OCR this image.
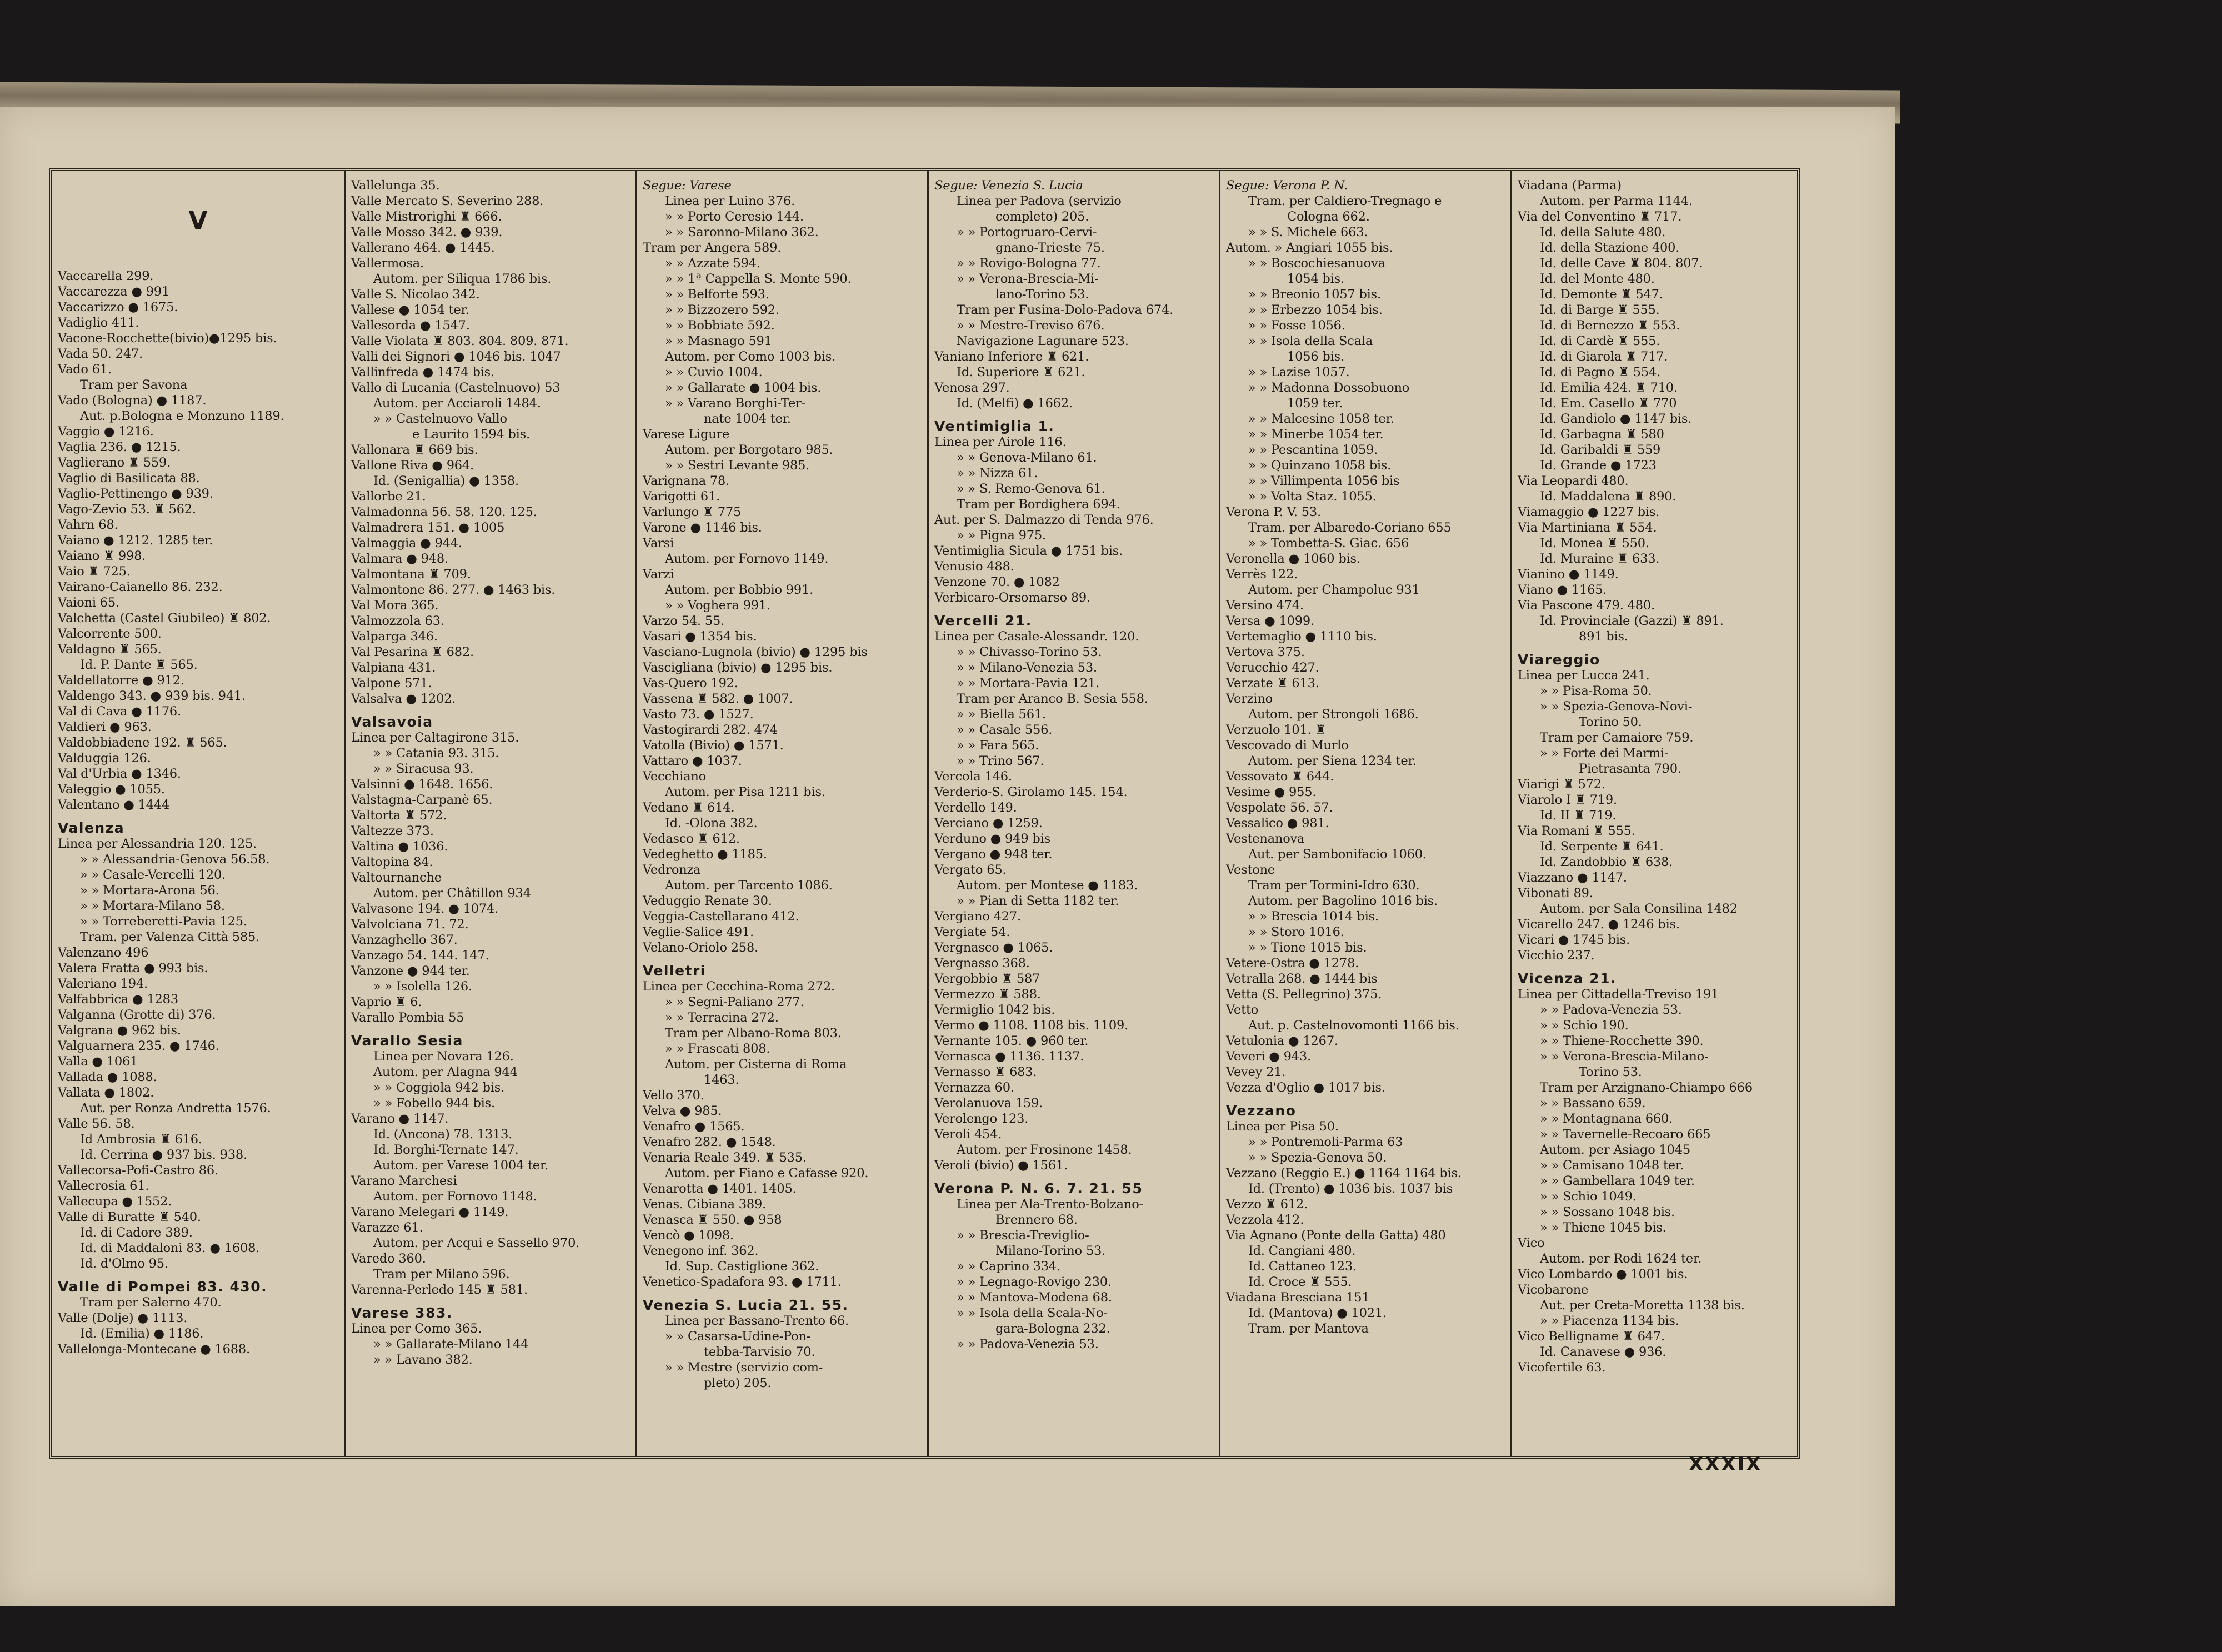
V
Vaccarella 299.
Vaccarezza ● 991
Vaccarizzo ● 1675.
Vadiglio 411.
Vacone-Rocchette(bivio)●1295 bis.
Vada 50. 247.
Vado 61.
Tram per Savona
Vado (Bologna) ● 1187.
Aut. p.Bologna e Monzuno 1189.
Vaggio ● 1216.
Vaglia 236. ● 1215.
Vaglierano ♜ 559.
Vaglio di Basilicata 88.
Vaglio-Pettinengo ● 939.
Vago-Zevio 53. ♜ 562.
Vahrn 68.
Vaiano ● 1212. 1285 ter.
Vaiano ♜ 998.
Vaio ♜ 725.
Vairano-Caianello 86. 232.
Vaioni 65.
Valchetta (Castel Giubileo) ♜ 802.
Valcorrente 500.
Valdagno ♜ 565.
Id. P. Dante ♜ 565.
Valdellatorre ● 912.
Valdengo 343. ● 939 bis. 941.
Val di Cava ● 1176.
Valdieri ● 963.
Valdobbiadene 192. ♜ 565.
Valduggia 126.
Val d'Urbia ● 1346.
Valeggio ● 1055.
Valentano ● 1444
Valenza
Linea per Alessandria 120. 125.
» » Alessandria-Genova 56.58.
» » Casale-Vercelli 120.
» » Mortara-Arona 56.
» » Mortara-Milano 58.
» » Torreberetti-Pavia 125.
Tram. per Valenza Città 585.
Valenzano 496
Valera Fratta ● 993 bis.
Valeriano 194.
Valfabbrica ● 1283
Valganna (Grotte di) 376.
Valgrana ● 962 bis.
Valguarnera 235. ● 1746.
Valla ● 1061
Vallada ● 1088.
Vallata ● 1802.
Aut. per Ronza Andretta 1576.
Valle 56. 58.
Id Ambrosia ♜ 616.
Id. Cerrina ● 937 bis. 938.
Vallecorsa-Pofi-Castro 86.
Vallecrosia 61.
Vallecupa ● 1552.
Valle di Buratte ♜ 540.
Id. di Cadore 389.
Id. di Maddaloni 83. ● 1608.
Id. d'Olmo 95.
Valle di Pompei 83. 430.
Tram per Salerno 470.
Valle (Dolje) ● 1113.
Id. (Emilia) ● 1186.
Vallelonga-Montecane ● 1688.
Vallelunga 35.
Valle Mercato S. Severino 288.
Valle Mistrorighi ♜ 666.
Valle Mosso 342. ● 939.
Vallerano 464. ● 1445.
Vallermosa.
Autom. per Siliqua 1786 bis.
Valle S. Nicolao 342.
Vallese ● 1054 ter.
Vallesorda ● 1547.
Valle Violata ♜ 803. 804. 809. 871.
Valli dei Signori ● 1046 bis. 1047
Vallinfreda ● 1474 bis.
Vallo di Lucania (Castelnuovo) 53
Autom. per Acciaroli 1484.
» » Castelnuovo Vallo
e Laurito 1594 bis.
Vallonara ♜ 669 bis.
Vallone Riva ● 964.
Id. (Senigallia) ● 1358.
Vallorbe 21.
Valmadonna 56. 58. 120. 125.
Valmadrera 151. ● 1005
Valmaggia ● 944.
Valmara ● 948.
Valmontana ♜ 709.
Valmontone 86. 277. ● 1463 bis.
Val Mora 365.
Valmozzola 63.
Valparga 346.
Val Pesarina ♜ 682.
Valpiana 431.
Valpone 571.
Valsalva ● 1202.
Valsavoia
Linea per Caltagirone 315.
» » Catania 93. 315.
» » Siracusa 93.
Valsinni ● 1648. 1656.
Valstagna-Carpanè 65.
Valtorta ♜ 572.
Valtezze 373.
Valtina ● 1036.
Valtopina 84.
Valtournanche
Autom. per Châtillon 934
Valvasone 194. ● 1074.
Valvolciana 71. 72.
Vanzaghello 367.
Vanzago 54. 144. 147.
Vanzone ● 944 ter.
» » Isolella 126.
Vaprio ♜ 6.
Varallo Pombia 55
Varallo Sesia
Linea per Novara 126.
Autom. per Alagna 944
» » Coggiola 942 bis.
» » Fobello 944 bis.
Varano ● 1147.
Id. (Ancona) 78. 1313.
Id. Borghi-Ternate 147.
Autom. per Varese 1004 ter.
Varano Marchesi
Autom. per Fornovo 1148.
Varano Melegari ● 1149.
Varazze 61.
Autom. per Acqui e Sassello 970.
Varedo 360.
Tram per Milano 596.
Varenna-Perledo 145 ♜ 581.
Varese 383.
Linea per Como 365.
» » Gallarate-Milano 144
» » Lavano 382.
Segue: Varese
Linea per Luino 376.
» » Porto Ceresio 144.
» » Saronno-Milano 362.
Tram per Angera 589.
» » Azzate 594.
» » 1ª Cappella S. Monte 590.
» » Belforte 593.
» » Bizzozero 592.
» » Bobbiate 592.
» » Masnago 591
Autom. per Como 1003 bis.
» » Cuvio 1004.
» » Gallarate ● 1004 bis.
» » Varano Borghi-Ter-
nate 1004 ter.
Varese Ligure
Autom. per Borgotaro 985.
» » Sestri Levante 985.
Varignana 78.
Varigotti 61.
Varlungo ♜ 775
Varone ● 1146 bis.
Varsi
Autom. per Fornovo 1149.
Varzi
Autom. per Bobbio 991.
» » Voghera 991.
Varzo 54. 55.
Vasari ● 1354 bis.
Vasciano-Lugnola (bivio) ● 1295 bis
Vascigliana (bivio) ● 1295 bis.
Vas-Quero 192.
Vassena ♜ 582. ● 1007.
Vasto 73. ● 1527.
Vastogirardi 282. 474
Vatolla (Bivio) ● 1571.
Vattaro ● 1037.
Vecchiano
Autom. per Pisa 1211 bis.
Vedano ♜ 614.
Id. -Olona 382.
Vedasco ♜ 612.
Vedeghetto ● 1185.
Vedronza
Autom. per Tarcento 1086.
Veduggio Renate 30.
Veggia-Castellarano 412.
Veglie-Salice 491.
Velano-Oriolo 258.
Velletri
Linea per Cecchina-Roma 272.
» » Segni-Paliano 277.
» » Terracina 272.
Tram per Albano-Roma 803.
» » Frascati 808.
Autom. per Cisterna di Roma
1463.
Vello 370.
Velva ● 985.
Venafro ● 1565.
Venafro 282. ● 1548.
Venaria Reale 349. ♜ 535.
Autom. per Fiano e Cafasse 920.
Venarotta ● 1401. 1405.
Venas. Cibiana 389.
Venasca ♜ 550. ● 958
Vencò ● 1098.
Venegono inf. 362.
Id. Sup. Castiglione 362.
Venetico-Spadafora 93. ● 1711.
Venezia S. Lucia 21. 55.
Linea per Bassano-Trento 66.
» » Casarsa-Udine-Pon-
tebba-Tarvisio 70.
» » Mestre (servizio com-
pleto) 205.
Segue: Venezia S. Lucia
Linea per Padova (servizio
completo) 205.
» » Portogruaro-Cervi-
gnano-Trieste 75.
» » Rovigo-Bologna 77.
» » Verona-Brescia-Mi-
lano-Torino 53.
Tram per Fusina-Dolo-Padova 674.
» » Mestre-Treviso 676.
Navigazione Lagunare 523.
Vaniano Inferiore ♜ 621.
Id. Superiore ♜ 621.
Venosa 297.
Id. (Melfi) ● 1662.
Ventimiglia 1.
Linea per Airole 116.
» » Genova-Milano 61.
» » Nizza 61.
» » S. Remo-Genova 61.
Tram per Bordighera 694.
Aut. per S. Dalmazzo di Tenda 976.
» » Pigna 975.
Ventimiglia Sicula ● 1751 bis.
Venusio 488.
Venzone 70. ● 1082
Verbicaro-Orsomarso 89.
Vercelli 21.
Linea per Casale-Alessandr. 120.
» » Chivasso-Torino 53.
» » Milano-Venezia 53.
» » Mortara-Pavia 121.
Tram per Aranco B. Sesia 558.
» » Biella 561.
» » Casale 556.
» » Fara 565.
» » Trino 567.
Vercola 146.
Verderio-S. Girolamo 145. 154.
Verdello 149.
Verciano ● 1259.
Verduno ● 949 bis
Vergano ● 948 ter.
Vergato 65.
Autom. per Montese ● 1183.
» » Pian di Setta 1182 ter.
Vergiano 427.
Vergiate 54.
Vergnasco ● 1065.
Vergnasso 368.
Vergobbio ♜ 587
Vermezzo ♜ 588.
Vermiglio 1042 bis.
Vermo ● 1108. 1108 bis. 1109.
Vernante 105. ● 960 ter.
Vernasca ● 1136. 1137.
Vernasso ♜ 683.
Vernazza 60.
Verolanuova 159.
Verolengo 123.
Veroli 454.
Autom. per Frosinone 1458.
Veroli (bivio) ● 1561.
Verona P. N. 6. 7. 21. 55
Linea per Ala-Trento-Bolzano-
Brennero 68.
» » Brescia-Treviglio-
Milano-Torino 53.
» » Caprino 334.
» » Legnago-Rovigo 230.
» » Mantova-Modena 68.
» » Isola della Scala-No-
gara-Bologna 232.
» » Padova-Venezia 53.
Segue: Verona P. N.
Tram. per Caldiero-Tregnago e
Cologna 662.
» » S. Michele 663.
Autom. » Angiari 1055 bis.
» » Boscochiesanuova
1054 bis.
» » Breonio 1057 bis.
» » Erbezzo 1054 bis.
» » Fosse 1056.
» » Isola della Scala
1056 bis.
» » Lazise 1057.
» » Madonna Dossobuono
1059 ter.
» » Malcesine 1058 ter.
» » Minerbe 1054 ter.
» » Pescantina 1059.
» » Quinzano 1058 bis.
» » Villimpenta 1056 bis
» » Volta Staz. 1055.
Verona P. V. 53.
Tram. per Albaredo-Coriano 655
» » Tombetta-S. Giac. 656
Veronella ● 1060 bis.
Verrès 122.
Autom. per Champoluc 931
Versino 474.
Versa ● 1099.
Vertemaglio ● 1110 bis.
Vertova 375.
Verucchio 427.
Verzate ♜ 613.
Verzino
Autom. per Strongoli 1686.
Verzuolo 101. ♜
Vescovado di Murlo
Autom. per Siena 1234 ter.
Vessovato ♜ 644.
Vesime ● 955.
Vespolate 56. 57.
Vessalico ● 981.
Vestenanova
Aut. per Sambonifacio 1060.
Vestone
Tram per Tormini-Idro 630.
Autom. per Bagolino 1016 bis.
» » Brescia 1014 bis.
» » Storo 1016.
» » Tione 1015 bis.
Vetere-Ostra ● 1278.
Vetralla 268. ● 1444 bis
Vetta (S. Pellegrino) 375.
Vetto
Aut. p. Castelnovomonti 1166 bis.
Vetulonia ● 1267.
Veveri ● 943.
Vevey 21.
Vezza d'Oglio ● 1017 bis.
Vezzano
Linea per Pisa 50.
» » Pontremoli-Parma 63
» » Spezia-Genova 50.
Vezzano (Reggio E.) ● 1164 1164 bis.
Id. (Trento) ● 1036 bis. 1037 bis
Vezzo ♜ 612.
Vezzola 412.
Via Agnano (Ponte della Gatta) 480
Id. Cangiani 480.
Id. Cattaneo 123.
Id. Croce ♜ 555.
Viadana Bresciana 151
Id. (Mantova) ● 1021.
Tram. per Mantova
Viadana (Parma)
Autom. per Parma 1144.
Via del Conventino ♜ 717.
Id. della Salute 480.
Id. della Stazione 400.
Id. delle Cave ♜ 804. 807.
Id. del Monte 480.
Id. Demonte ♜ 547.
Id. di Barge ♜ 555.
Id. di Bernezzo ♜ 553.
Id. di Cardè ♜ 555.
Id. di Giarola ♜ 717.
Id. di Pagno ♜ 554.
Id. Emilia 424. ♜ 710.
Id. Em. Casello ♜ 770
Id. Gandiolo ● 1147 bis.
Id. Garbagna ♜ 580
Id. Garibaldi ♜ 559
Id. Grande ● 1723
Via Leopardi 480.
Id. Maddalena ♜ 890.
Viamaggio ● 1227 bis.
Via Martiniana ♜ 554.
Id. Monea ♜ 550.
Id. Muraine ♜ 633.
Vianino ● 1149.
Viano ● 1165.
Via Pascone 479. 480.
Id. Provinciale (Gazzi) ♜ 891.
891 bis.
Viareggio
Linea per Lucca 241.
» » Pisa-Roma 50.
» » Spezia-Genova-Novi-
Torino 50.
Tram per Camaiore 759.
» » Forte dei Marmi-
Pietrasanta 790.
Viarigi ♜ 572.
Viarolo I ♜ 719.
Id. II ♜ 719.
Via Romani ♜ 555.
Id. Serpente ♜ 641.
Id. Zandobbio ♜ 638.
Viazzano ● 1147.
Vibonati 89.
Autom. per Sala Consilina 1482
Vicarello 247. ● 1246 bis.
Vicari ● 1745 bis.
Vicchio 237.
Vicenza 21.
Linea per Cittadella-Treviso 191
» » Padova-Venezia 53.
» » Schio 190.
» » Thiene-Rocchette 390.
» » Verona-Brescia-Milano-
Torino 53.
Tram per Arzignano-Chiampo 666
» » Bassano 659.
» » Montagnana 660.
» » Tavernelle-Recoaro 665
Autom. per Asiago 1045
» » Camisano 1048 ter.
» » Gambellara 1049 ter.
» » Schio 1049.
» » Sossano 1048 bis.
» » Thiene 1045 bis.
Vico
Autom. per Rodi 1624 ter.
Vico Lombardo ● 1001 bis.
Vicobarone
Aut. per Creta-Moretta 1138 bis.
» » Piacenza 1134 bis.
Vico Belligname ♜ 647.
Id. Canavese ● 936.
Vicofertile 63.
XXXIX
